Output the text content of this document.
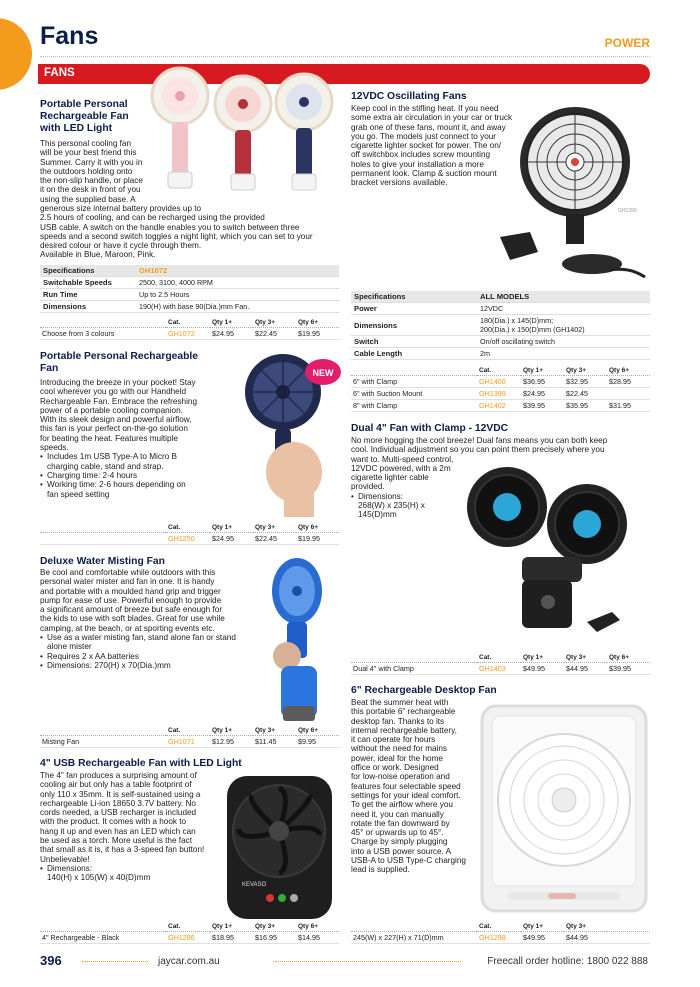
Fans	POWER
FANS
Portable Personal
Rechargeable Fan
with LED Light
This personal cooling fan
will be your best friend this
Summer. Carry it with you in
the outdoors holding onto
the non-slip handle, or place
it on the desk in front of you
using the supplied base. A
generous size internal battery provides up to
2.5 hours of cooling, and can be recharged using the provided
USB cable. A switch on the handle enables you to switch between three
speeds and a second switch toggles a night light, which you can set to your
desired colour or have it cycle through them.
Available in Blue, Maroon, Pink.
Specifications	GH1072
Switchable Speeds	2500, 3100, 4000 RPM
Run Time	Up to 2.5 Hours
Dimensions	190(H) with base 90(Dia.)mm Fan.
	Cat.	Qty 1+	Qty 3+	Qty 6+
Choose from 3 colours	GH1072	$24.95	$22.45	$19.95
Portable Personal Rechargeable
Fan
Introducing the breeze in your pocket! Stay
cool wherever you go with our Handheld
Rechargeable Fan. Embrace the refreshing
power of a portable cooling companion.
With its sleek design and powerful airflow,
this fan is your perfect on-the-go solution
for beating the heat. Features multiple
speeds.
• Includes 1m USB Type-A to Micro B
charging cable, stand and strap.
• Charging time: 2-4 hours
• Working time: 2-6 hours depending on
fan speed setting
NEW
	Cat.	Qty 1+	Qty 3+	Qty 6+
	GH1250	$24.95	$22.45	$19.95
Deluxe Water Misting Fan
Be cool and comfortable while outdoors with this
personal water mister and fan in one. It is handy
and portable with a moulded hand grip and trigger
pump for ease of use. Powerful enough to provide
a significant amount of breeze but safe enough for
the kids to use with soft blades. Great for use while
camping, at the beach, or at sporting events etc.
• Use as a water misting fan, stand alone fan or stand
alone mister
• Requires 2 x AA batteries
• Dimensions: 270(H) x 70(Dia.)mm
	Cat.	Qty 1+	Qty 3+	Qty 6+
Misting Fan	GH1071	$12.95	$11.45	$9.95
4" USB Rechargeable Fan with LED Light
The 4" fan produces a surprising amount of
cooling air but only has a table footprint of
only 110 x 35mm. It is self-sustained using a
rechargeable Li-ion 18650 3.7V battery. No
cords needed, a USB recharger is included
with the product. It comes with a hook to
hang it up and even has an LED which can
be used as a torch. More useful is the fact
that small as it is, it has a 3-speed fan button!
Unbelievable!
• Dimensions:
140(H) x 105(W) x 40(D)mm
KEVASO
	Cat.	Qty 1+	Qty 3+	Qty 6+
4" Rechargeable - Black	GH1286	$18.95	$16.95	$14.95
12VDC Oscillating Fans
Keep cool in the stifling heat. If you need
some extra air circulation in your car or truck
grab one of these fans, mount it, and away
you go. The models just connect to your
cigarette lighter socket for power. The on/
off switchbox includes screw mounting
holes to give your installation a more
permanent look. Clamp & suction mount
bracket versions available.
GH1399
Specifications	ALL MODELS
Power	12VDC
Dimensions	180(Dia.) x 145(D)mm;
200(Dia.) x 150(D)mm (GH1402)

Switch	On/off oscillating switch
Cable Length	2m
	Cat.	Qty 1+	Qty 3+	Qty 6+
6" with Clamp	GH1400	$36.95	$32.95	$28.95
6" with Suction Mount	GH1399	$24.95	$22.45	
8" with Clamp	GH1402	$39.95	$35.95	$31.95
Dual 4" Fan with Clamp - 12VDC
No more hogging the cool breeze! Dual fans means you can both keep
cool. Individual adjustment so you can point them precisely where you
want to. Multi-speed control,
12VDC powered, with a 2m
cigarette lighter cable
provided.
• Dimensions:
268(W) x 235(H) x
145(D)mm
	Cat.	Qty 1+	Qty 3+	Qty 6+
Dual 4" with Clamp	GH1403	$49.95	$44.95	$39.95
6" Rechargeable Desktop Fan
Beat the summer heat with
this portable 6" rechargeable
desktop fan. Thanks to its
internal rechargeable battery,
it can operate for hours
without the need for mains
power, ideal for the home
office or work. Designed
for low-noise operation and
features four selectable speed
settings for your ideal comfort.
To get the airflow where you
need it, you can manually
rotate the fan downward by
45° or upwards up to 45°.
Charge by simply plugging
into a USB power source. A
USB-A to USB Type-C charging
lead is supplied.
	Cat.	Qty 1+	Qty 3+	
245(W) x 227(H) x 71(D)mm	GH1298	$49.95	$44.95	
396	jaycar.com.au	Freecall order hotline: 1800 022 888
